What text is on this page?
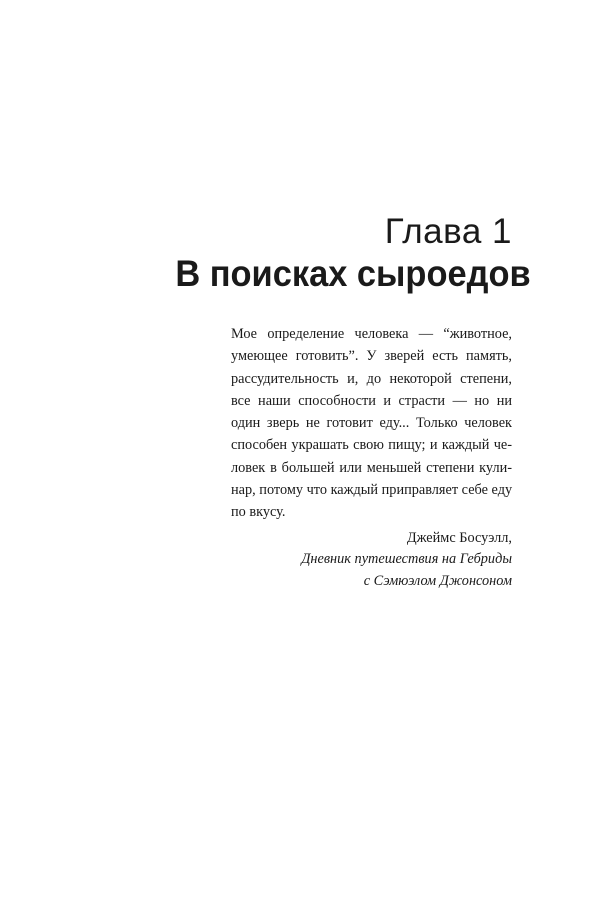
Глава 1
В поисках сыроедов
Мое определение человека — “животное,
умеющее готовить”. У зверей есть память,
рассудительность и, до некоторой степени,
все наши способности и страсти — но ни
один зверь не готовит еду... Только человек
способен украшать свою пищу; и каждый че-
ловек в большей или меньшей степени кули-
нар, потому что каждый приправляет себе еду
по вкусу.
Джеймс Босуэлл,
Дневник путешествия на Гебриды
с Сэмюэлом Джонсоном
